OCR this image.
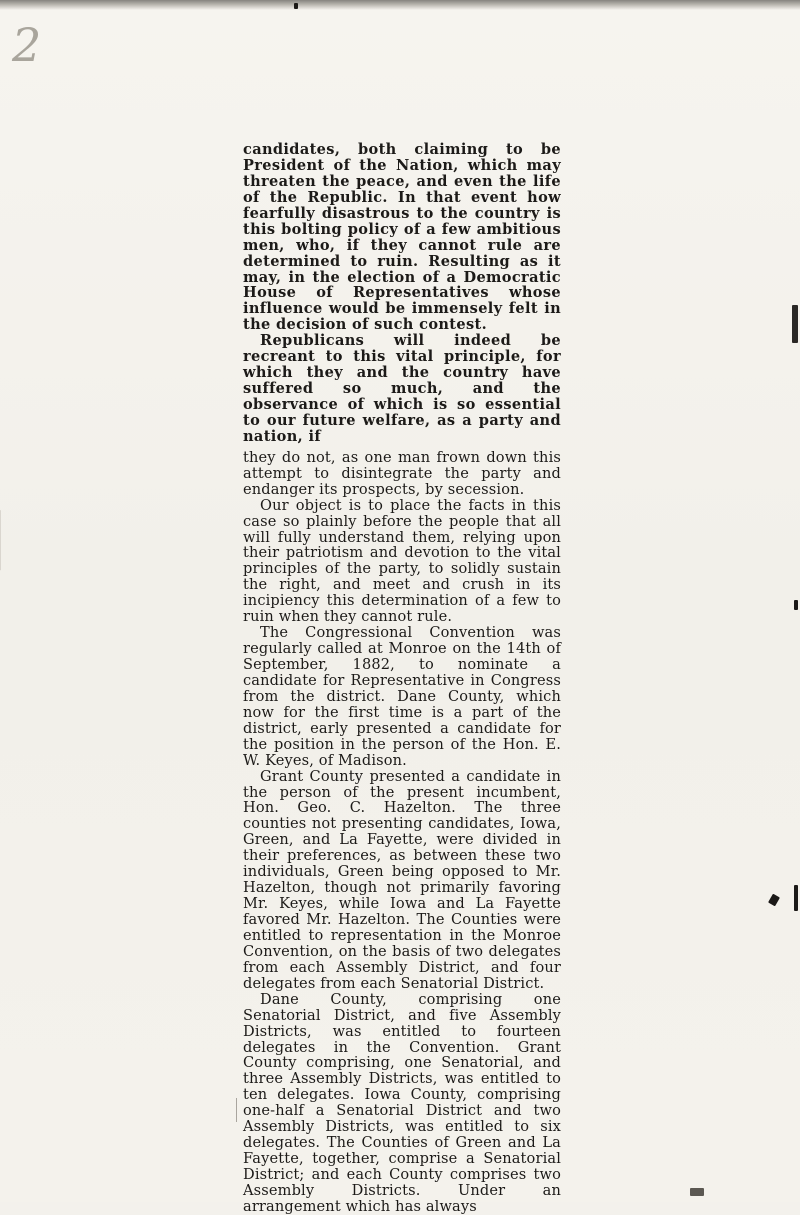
2

candidates, both claiming to be President of the Nation, which may threaten the peace, and even the life of the Republic. In that event how fearfully disastrous to the country is this bolting policy of a few ambitious men, who, if they cannot rule are determined to ruin. Resulting as it may, in the election of a Democratic House of Representatives whose influence would be immensely felt in the decision of such contest.

Republicans will indeed be recreant to this vital principle, for which they and the country have suffered so much, and the observance of which is so essential to our future welfare, as a party and nation, if

they do not, as one man frown down this attempt to disintegrate the party and endanger its prospects, by secession.

Our object is to place the facts in this case so plainly before the people that all will fully understand them, relying upon their patriotism and devotion to the vital principles of the party, to solidly sustain the right, and meet and crush in its incipiency this determination of a few to ruin when they cannot rule.

The Congressional Convention was regularly called at Monroe on the 14th of September, 1882, to nominate a candidate for Representative in Congress from the district. Dane County, which now for the first time is a part of the district, early presented a candidate for the position in the person of the Hon. E. W. Keyes, of Madison.

Grant County presented a candidate in the person of the present incumbent, Hon. Geo. C. Hazelton. The three counties not presenting candidates, Iowa, Green, and La Fayette, were divided in their preferences, as between these two individuals, Green being opposed to Mr. Hazelton, though not primarily favoring Mr. Keyes, while Iowa and La Fayette favored Mr. Hazelton. The Counties were entitled to representation in the Monroe Convention, on the basis of two delegates from each Assembly District, and four delegates from each Senatorial District.

Dane County, comprising one Senatorial District, and five Assembly Districts, was entitled to fourteen delegates in the Convention. Grant County comprising, one Senatorial, and three Assembly Districts, was entitled to ten delegates. Iowa County, comprising one-half a Senatorial District and two Assembly Districts, was entitled to six delegates. The Counties of Green and La Fayette, together, comprise a Senatorial District; and each County comprises two Assembly Districts. Under an arrangement which has always
